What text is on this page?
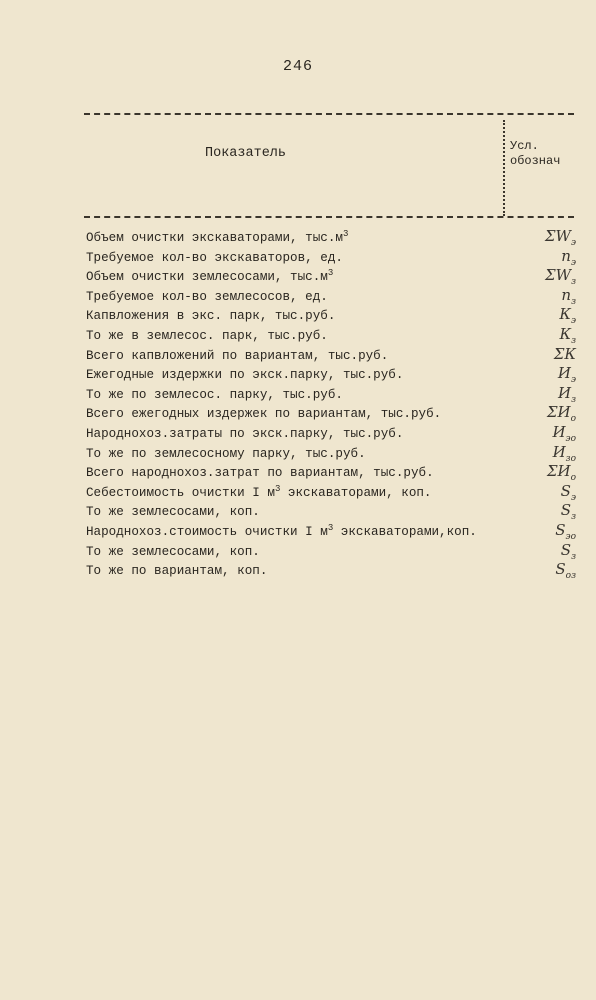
246
Показатель	Усл.
обознач
Объем очистки экскаваторами, $тыс.м^3$	$\Sigma W_э$
Требуемое кол-во экскаваторов, ед.	$n_э$
Объем очистки землесосами, $тыс.м^3$	$\Sigma W_з$
Требуемое кол-во землесосов, ед.	$n_з$
Капвложения в экс. парк, тыс.руб.	$К_э$
То же в землесос. парк, тыс.руб.	$К_з$
Всего капвложений по вариантам, тыс.руб.	ΣК
Ежегодные издержки по экск.парку, тыс.руб.	$И_э$
То же по землесос. парку, тыс.руб.	$И_з$
Всего ежегодных издержек по вариантам, тыс.руб.	$\Sigma И_о$
Народнохоз.затраты по экск.парку, тыс.руб.	$И_{эо}$
То же по землесосному парку, тыс.руб.	$И_{зо}$
Всего народнохоз.затрат по вариантам, тыс.руб.	$\Sigma И_о$
Себестоимость очистки I $м^3$ экскаваторами, коп.	$S_э$
То же землесосами, коп.	$S_з$
Народнохоз.стоимость очистки I $м^3$ экскаваторами,коп.	$S_{эо}$
То же землесосами, коп.	$S_з$
То же по вариантам, коп.	$S_{оз}$
